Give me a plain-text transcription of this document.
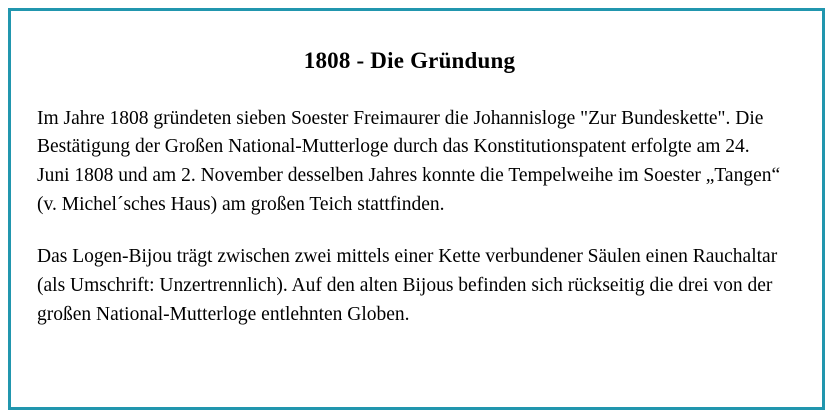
1808 - Die Gründung

Im Jahre 1808 gründeten sieben Soester Freimaurer die Johannisloge "Zur Bundeskette". Die Bestätigung der Großen National-Mutterloge durch das Konstitutionspatent erfolgte am 24. Juni 1808 und am 2. November desselben Jahres konnte die Tempelweihe im Soester „Tangen“ (v. Michel´sches Haus) am großen Teich stattfinden.

Das Logen-Bijou trägt zwischen zwei mittels einer Kette verbundener Säulen einen Rauchaltar (als Umschrift: Unzertrennlich). Auf den alten Bijous befinden sich rückseitig die drei von der großen National-Mutterloge entlehnten Globen.
